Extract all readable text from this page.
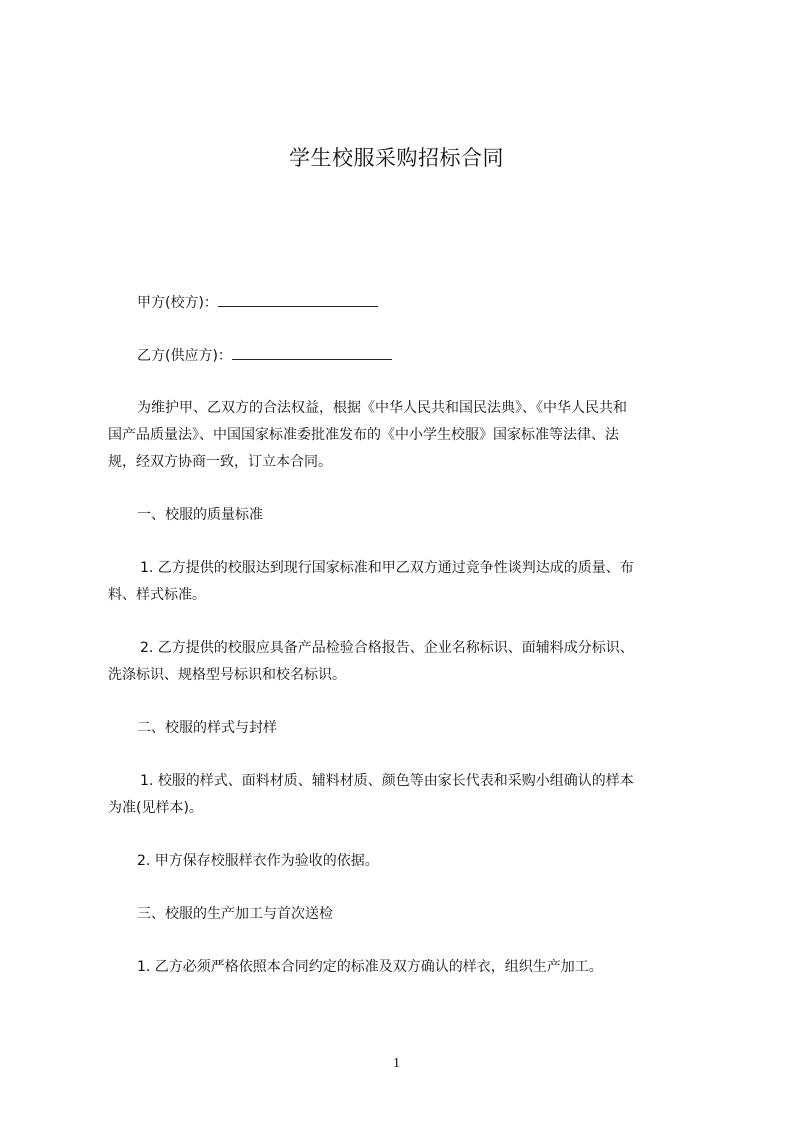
学生校服采购招标合同
甲方(校方)：
乙方(供应方)：
为维护甲、乙双方的合法权益，根据《中华人民共和国民法典》、《中华人民共和
国产品质量法》、中国国家标准委批准发布的《中小学生校服》国家标准等法律、法
规，经双方协商一致，订立本合同。
一、校服的质量标准
1. 乙方提供的校服达到现行国家标准和甲乙双方通过竞争性谈判达成的质量、布
料、样式标准。
2. 乙方提供的校服应具备产品检验合格报告、企业名称标识、面辅料成分标识、
洗涤标识、规格型号标识和校名标识。
二、校服的样式与封样
1. 校服的样式、面料材质、辅料材质、颜色等由家长代表和采购小组确认的样本
为准(见样本)。
2. 甲方保存校服样衣作为验收的依据。
三、校服的生产加工与首次送检
1. 乙方必须严格依照本合同约定的标准及双方确认的样衣，组织生产加工。
1
